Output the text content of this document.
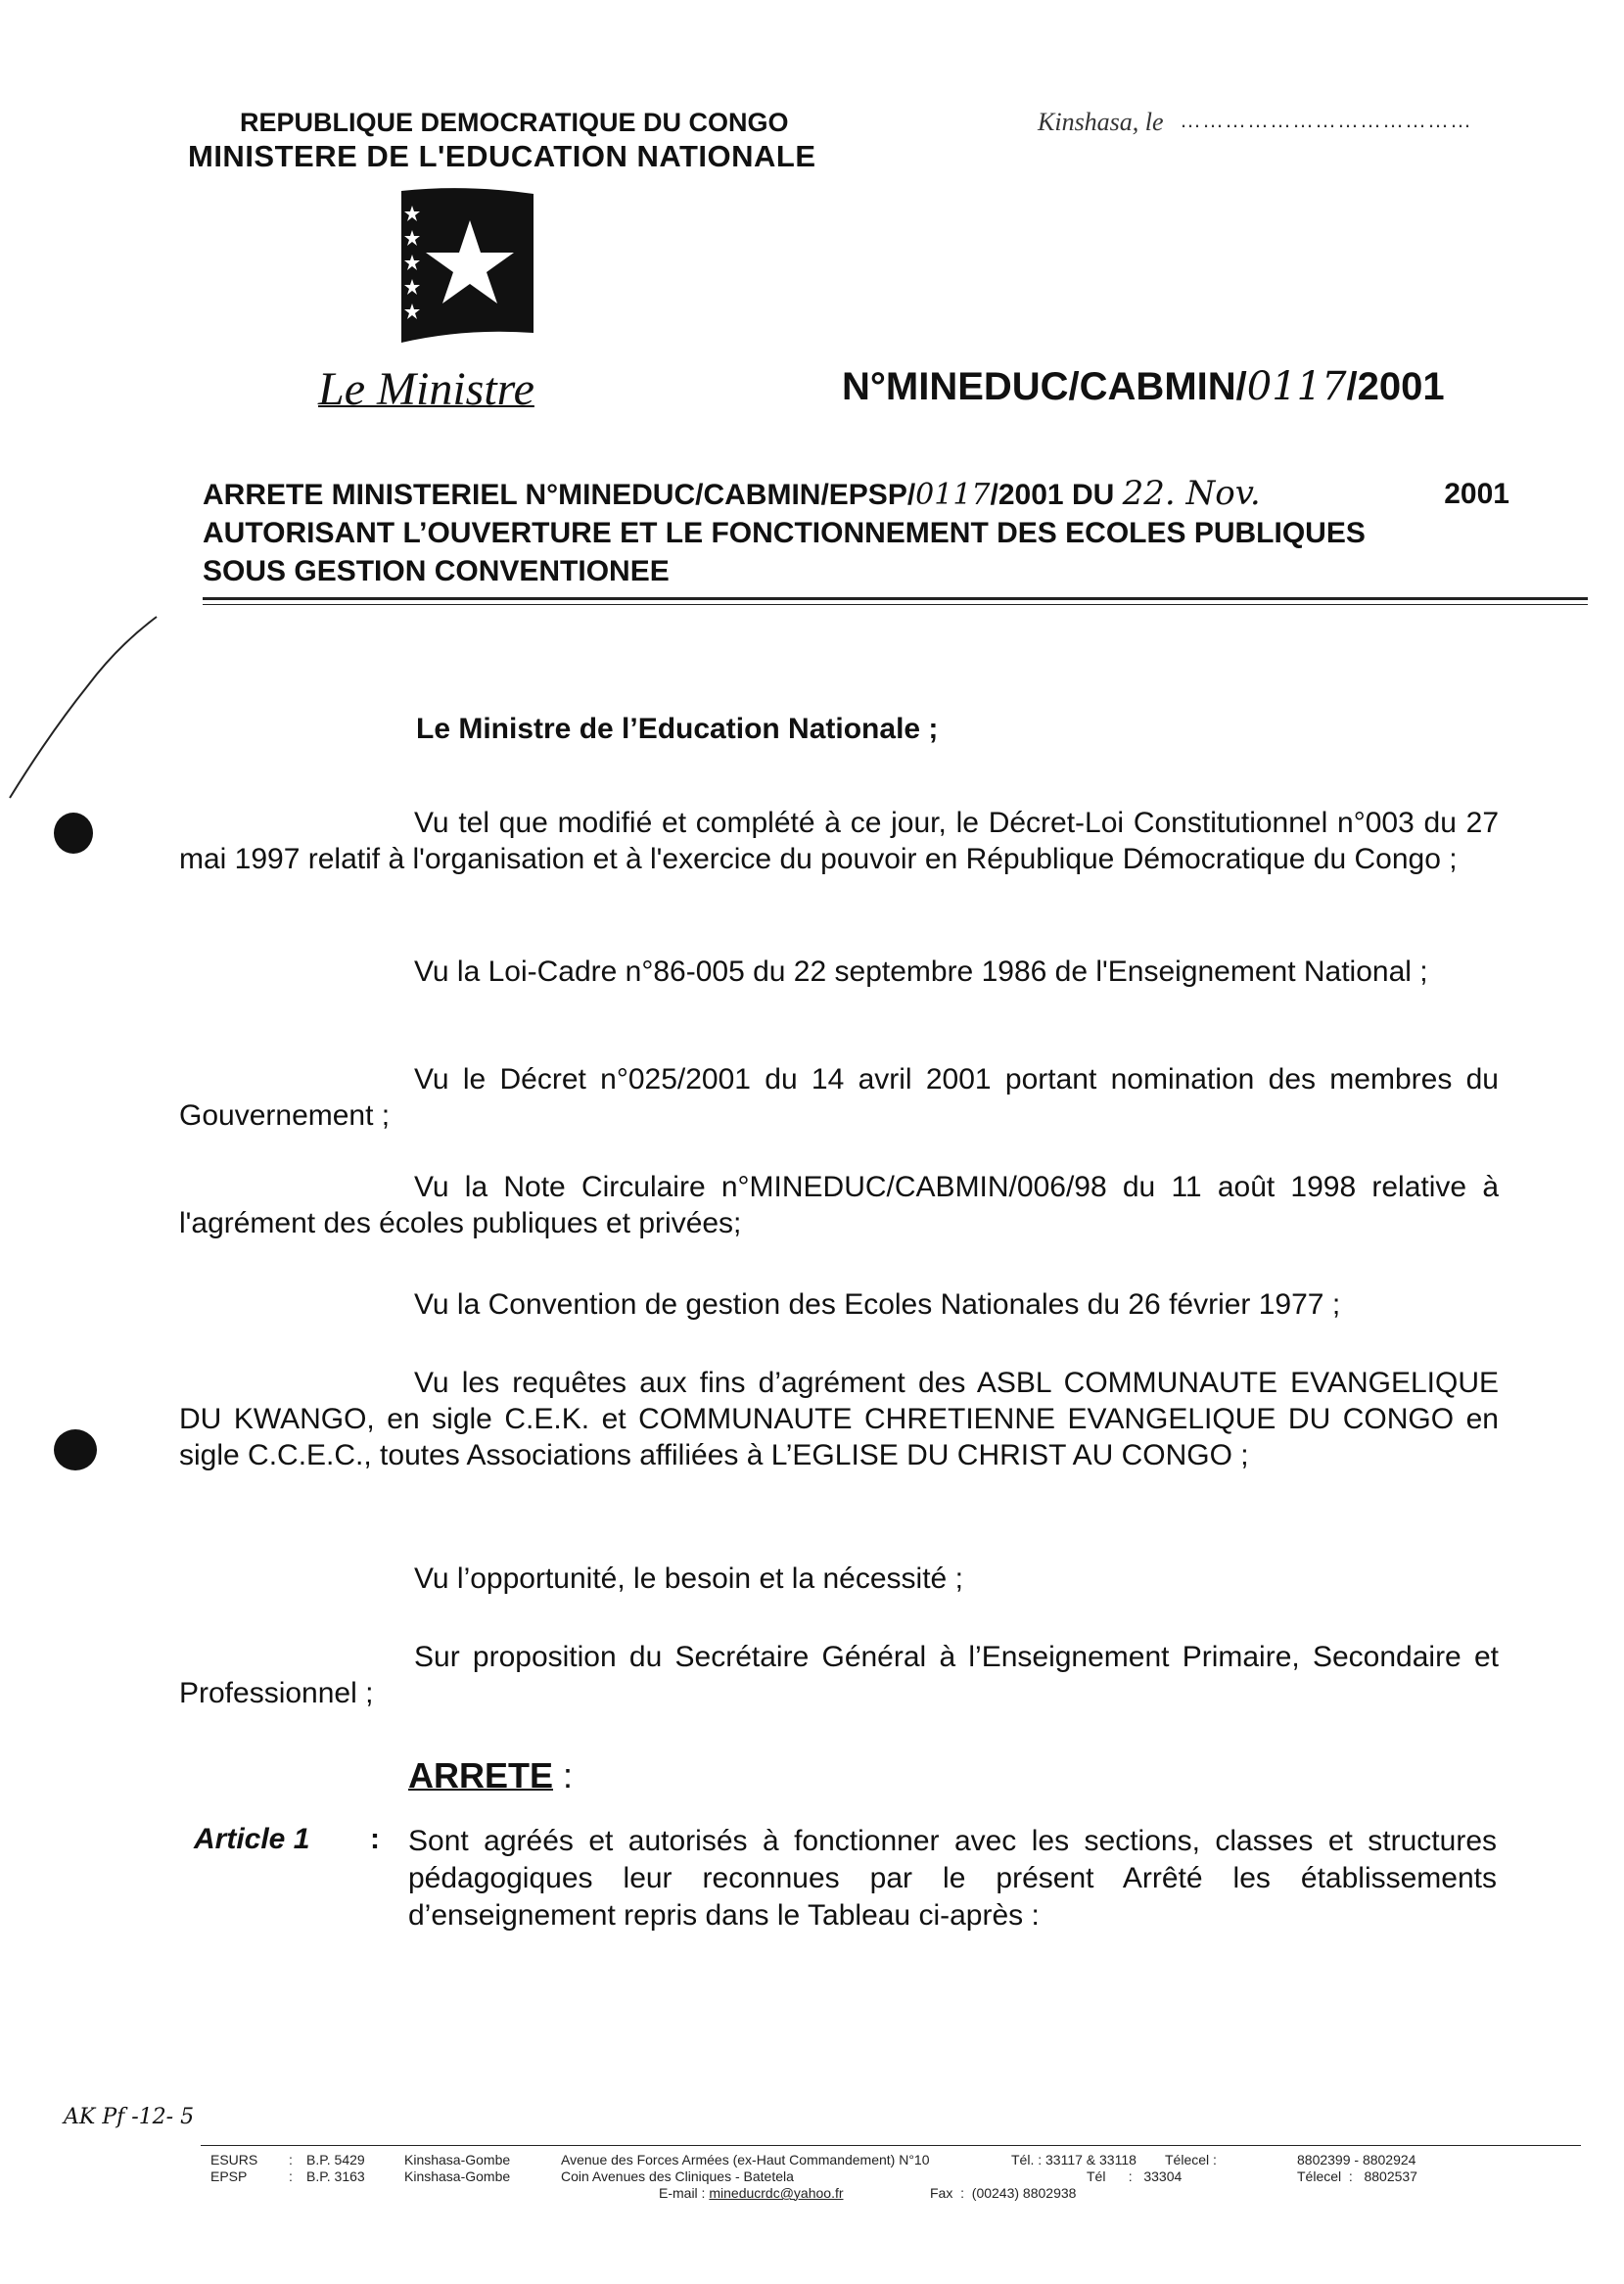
REPUBLIQUE DEMOCRATIQUE DU CONGO
MINISTERE DE L'EDUCATION NATIONALE
Kinshasa, le …………………………………
Le Ministre	N°MINEDUC/CABMIN/0117/2001
ARRETE MINISTERIEL N°MINEDUC/CABMIN/EPSP/0117/2001 DU 22. Nov.	2001
AUTORISANT L’OUVERTURE ET LE FONCTIONNEMENT DES ECOLES PUBLIQUES
SOUS GESTION CONVENTIONEE
Le Ministre de l’Education Nationale ;
Vu tel que modifié et complété à ce jour, le Décret-Loi Constitutionnel n°003 du 27 mai 1997 relatif à l'organisation et à l'exercice du pouvoir en République Démocratique du Congo ;
Vu la Loi-Cadre n°86-005 du 22 septembre 1986 de l'Enseignement National ;
Vu le Décret n°025/2001 du 14 avril 2001 portant nomination des membres du Gouvernement ;
Vu la Note Circulaire n°MINEDUC/CABMIN/006/98 du 11 août 1998 relative à l'agrément des écoles publiques et privées;
Vu la Convention de gestion des Ecoles Nationales du 26 février 1977 ;
Vu les requêtes aux fins d’agrément des ASBL COMMUNAUTE EVANGELIQUE DU KWANGO, en sigle C.E.K. et COMMUNAUTE CHRETIENNE EVANGELIQUE DU CONGO en sigle C.C.E.C., toutes Associations affiliées à L’EGLISE DU CHRIST AU CONGO ;
Vu l’opportunité, le besoin et la nécessité ;
Sur proposition du Secrétaire Général à l’Enseignement Primaire, Secondaire et Professionnel ;
ARRETE :
Article 1 : Sont agréés et autorisés à fonctionner avec les sections, classes et structures pédagogiques leur reconnues par le présent Arrêté les établissements d’enseignement repris dans le Tableau ci-après :
AK Pf -12- 5
ESURS : B.P. 5429	Kinshasa-Gombe	Avenue des Forces Armées (ex-Haut Commandement) N°10	Tél. : 33117 & 33118 Télecel :	8802399 - 8802924
EPSP	: B.P. 3163	Kinshasa-Gombe	Coin Avenues des Cliniques - Batetela	Tél      :   33304	Télecel  :   8802537
E-mail : mineducrdc@yahoo.fr	Fax  :  (00243) 8802938
